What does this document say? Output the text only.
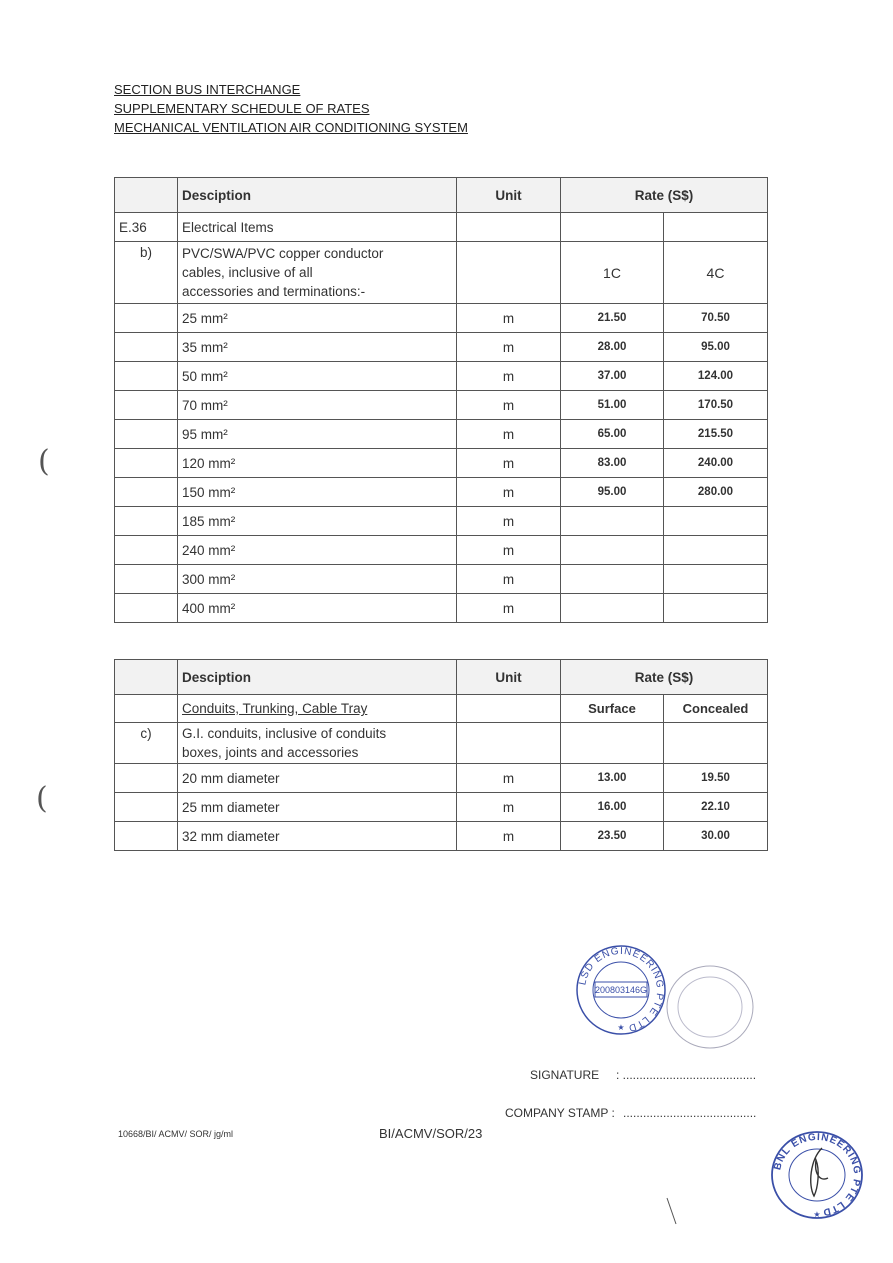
SECTION BUS INTERCHANGE
SUPPLEMENTARY SCHEDULE OF RATES
MECHANICAL VENTILATION AIR CONDITIONING SYSTEM
	Desciption	Unit	Rate (S$)	
E.36	Electrical Items			
b)	PVC/SWA/PVC copper conductor
cables, inclusive of all
accessories and terminations:-		1C	4C
	25 mm²	m	21.50	70.50
	35 mm²	m	28.00	95.00
	50 mm²	m	37.00	124.00
	70 mm²	m	51.00	170.50
	95 mm²	m	65.00	215.50
	120 mm²	m	83.00	240.00
	150 mm²	m	95.00	280.00
	185 mm²	m		
	240 mm²	m		
	300 mm²	m		
	400 mm²	m		
	Desciption	Unit	Rate (S$)	
	Conduits, Trunking, Cable Tray		Surface	Concealed
c)	G.I. conduits, inclusive of conduits
boxes, joints and accessories			

	20 mm diameter	m	13.00	19.50
	25 mm diameter	m	16.00	22.10
	32 mm diameter	m	23.50	30.00
(
(
LSD ENGINEERING PTE LTD
200803146G
★
SIGNATURE : ........................................
COMPANY STAMP : ........................................
10668/BI/ ACMV/ SOR/ jg/ml	BI/ACMV/SOR/23
BNL ENGINEERING PTE LTD
★
